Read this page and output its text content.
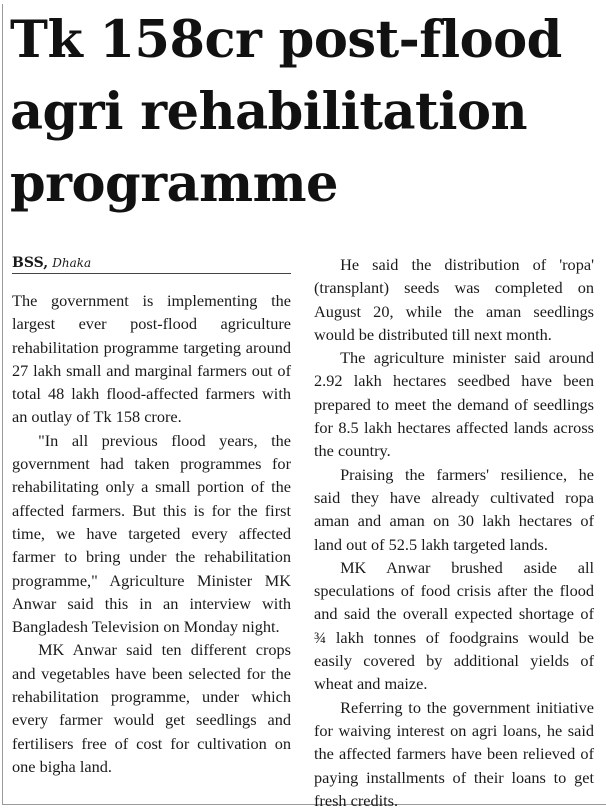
Tk 158cr post-flood
agri rehabilitation
programme
BSS, Dhaka

The government is implementing the largest ever post-flood agriculture rehabilitation programme targeting around 27 lakh small and marginal farmers out of total 48 lakh flood-affected farmers with an outlay of Tk 158 crore.

"In all previous flood years, the government had taken programmes for rehabilitating only a small portion of the affected farmers. But this is for the first time, we have targeted every affected farmer to bring under the rehabilitation programme," Agriculture Minister MK Anwar said this in an interview with Bangladesh Television on Monday night.

MK Anwar said ten different crops and vegetables have been selected for the rehabilitation programme, under which every farmer would get seedlings and fertilisers free of cost for cultivation on one bigha land.

He said the distribution of 'ropa' (transplant) seeds was completed on August 20, while the aman seedlings would be distributed till next month.

The agriculture minister said around 2.92 lakh hectares seedbed have been prepared to meet the demand of seedlings for 8.5 lakh hectares affected lands across the country.

Praising the farmers' resilience, he said they have already cultivated ropa aman and aman on 30 lakh hectares of land out of 52.5 lakh targeted lands.

MK Anwar brushed aside all speculations of food crisis after the flood and said the overall expected shortage of ¾ lakh tonnes of foodgrains would be easily covered by additional yields of wheat and maize.

Referring to the government initiative for waiving interest on agri loans, he said the affected farmers have been relieved of paying installments of their loans to get fresh credits.
